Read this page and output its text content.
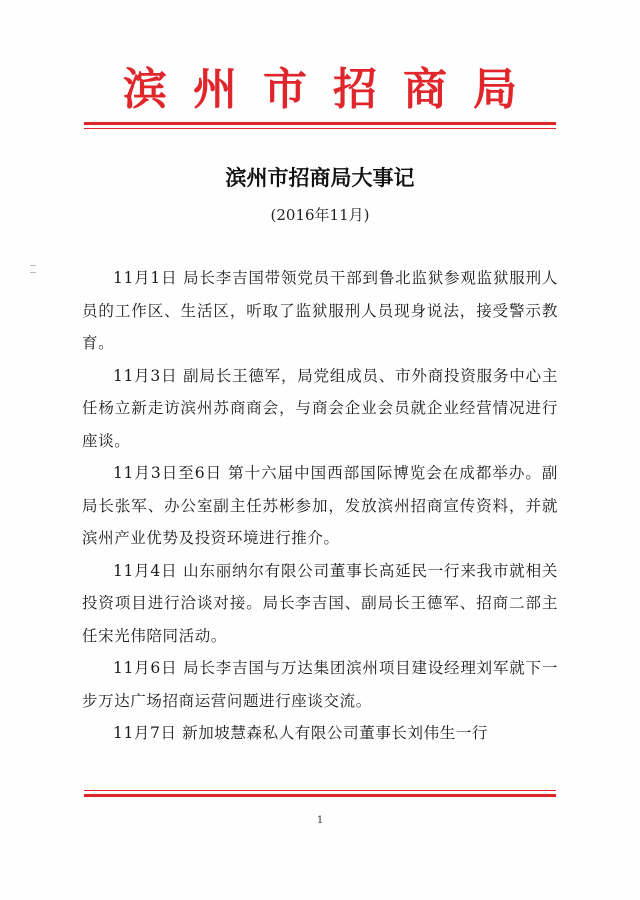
滨州市招商局
滨州市招商局大事记
(2016年11月)

11月1日 局长李吉国带领党员干部到鲁北监狱参观监狱服刑人员的工作区、生活区，听取了监狱服刑人员现身说法，接受警示教育。

11月3日 副局长王德军，局党组成员、市外商投资服务中心主任杨立新走访滨州苏商商会，与商会企业会员就企业经营情况进行座谈。

11月3日至6日 第十六届中国西部国际博览会在成都举办。副局长张军、办公室副主任苏彬参加，发放滨州招商宣传资料，并就滨州产业优势及投资环境进行推介。

11月4日 山东丽纳尔有限公司董事长高延民一行来我市就相关投资项目进行洽谈对接。局长李吉国、副局长王德军、招商二部主任宋光伟陪同活动。

11月6日 局长李吉国与万达集团滨州项目建设经理刘军就下一步万达广场招商运营问题进行座谈交流。

11月7日 新加坡慧森私人有限公司董事长刘伟生一行

1
